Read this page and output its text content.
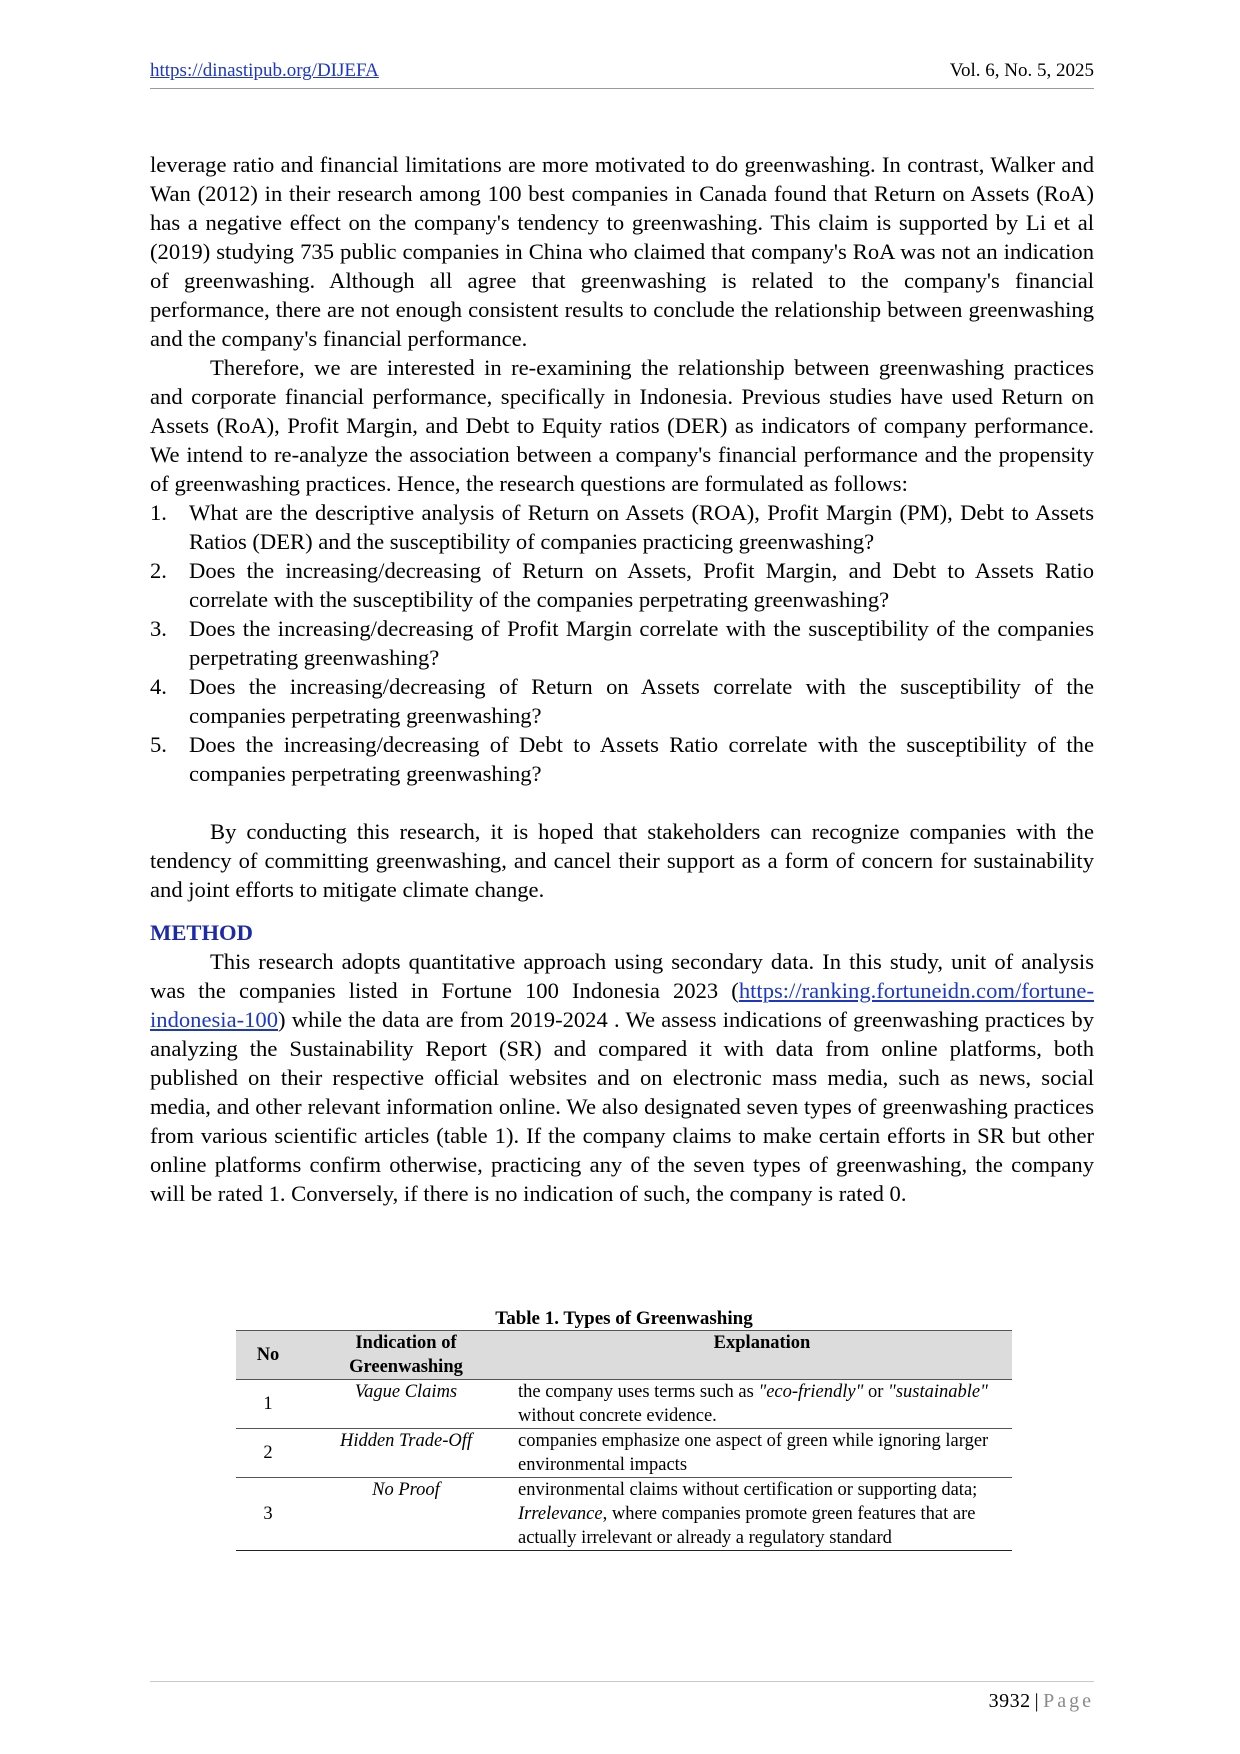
https://dinastipub.org/DIJEFA	Vol. 6, No. 5, 2025

leverage ratio and financial limitations are more motivated to do greenwashing. In contrast, Walker and Wan (2012) in their research among 100 best companies in Canada found that Return on Assets (RoA) has a negative effect on the company's tendency to greenwashing. This claim is supported by Li et al (2019) studying 735 public companies in China who claimed that company's RoA was not an indication of greenwashing. Although all agree that greenwashing is related to the company's financial performance, there are not enough consistent results to conclude the relationship between greenwashing and the company's financial performance.

Therefore, we are interested in re-examining the relationship between greenwashing practices and corporate financial performance, specifically in Indonesia. Previous studies have used Return on Assets (RoA), Profit Margin, and Debt to Equity ratios (DER) as indicators of company performance. We intend to re-analyze the association between a company's financial performance and the propensity of greenwashing practices. Hence, the research questions are formulated as follows:

1. What are the descriptive analysis of Return on Assets (ROA), Profit Margin (PM), Debt to Assets Ratios (DER) and the susceptibility of companies practicing greenwashing?
2. Does the increasing/decreasing of Return on Assets, Profit Margin, and Debt to Assets Ratio correlate with the susceptibility of the companies perpetrating greenwashing?
3. Does the increasing/decreasing of Profit Margin correlate with the susceptibility of the companies perpetrating greenwashing?
4. Does the increasing/decreasing of Return on Assets correlate with the susceptibility of the companies perpetrating greenwashing?
5. Does the increasing/decreasing of Debt to Assets Ratio correlate with the susceptibility of the companies perpetrating greenwashing?

By conducting this research, it is hoped that stakeholders can recognize companies with the tendency of committing greenwashing, and cancel their support as a form of concern for sustainability and joint efforts to mitigate climate change.

METHOD

This research adopts quantitative approach using secondary data. In this study, unit of analysis was the companies listed in Fortune 100 Indonesia 2023 (https://ranking.fortuneidn.com/fortune-indonesia-100) while the data are from 2019-2024 . We assess indications of greenwashing practices by analyzing the Sustainability Report (SR) and compared it with data from online platforms, both published on their respective official websites and on electronic mass media, such as news, social media, and other relevant information online. We also designated seven types of greenwashing practices from various scientific articles (table 1). If the company claims to make certain efforts in SR but other online platforms confirm otherwise, practicing any of the seven types of greenwashing, the company will be rated 1. Conversely, if there is no indication of such, the company is rated 0.

Table 1. Types of Greenwashing
No	Indication of Greenwashing	Explanation
1	Vague Claims	the company uses terms such as "eco-friendly" or "sustainable" without concrete evidence.
2	Hidden Trade-Off	companies emphasize one aspect of green while ignoring larger environmental impacts
3	No Proof	environmental claims without certification or supporting data; Irrelevance, where companies promote green features that are actually irrelevant or already a regulatory standard
3932 | Page
